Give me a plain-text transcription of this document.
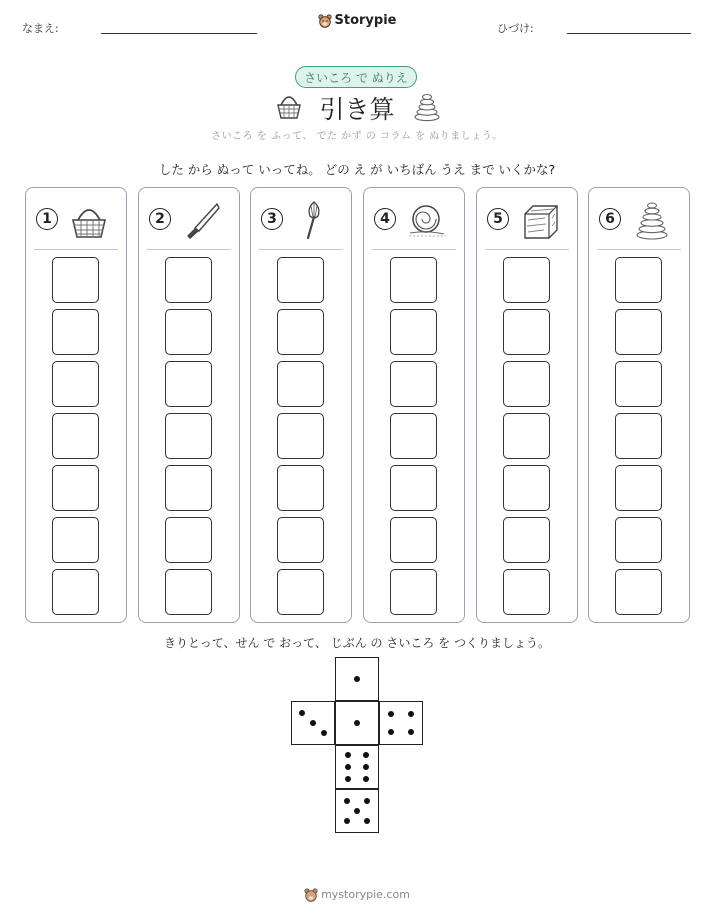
なまえ:
Storypie
ひづけ:
さいころ で ぬりえ
引き算
さいころ を ふって、 でた かず の コラム を ぬりましょう。
した から ぬって いってね。 どの え が いちばん うえ まで いくかな?
1	2	3	4	5	6
きりとって、せん で おって、 じぶん の さいころ を つくりましょう。
mystorypie.com
